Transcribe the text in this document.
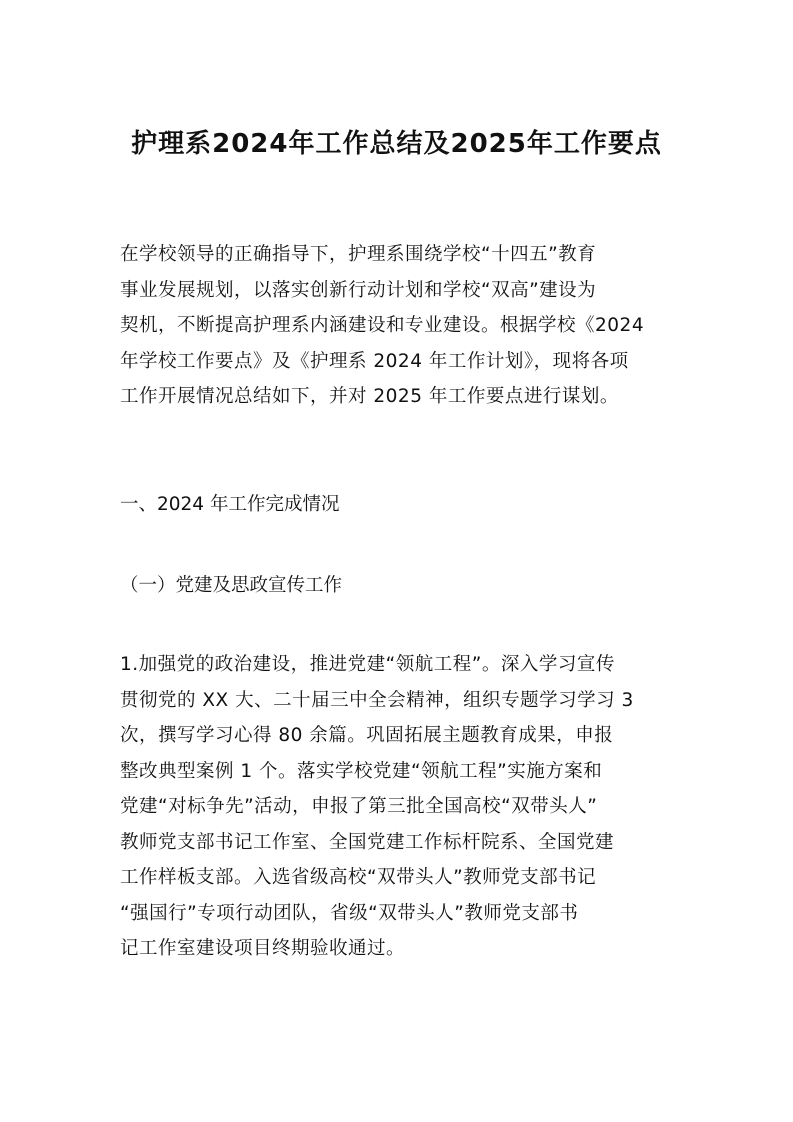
护理系2024年工作总结及2025年工作要点
在学校领导的正确指导下，护理系围绕学校“十四五”教育
事业发展规划，以落实创新行动计划和学校“双高”建设为
契机，不断提高护理系内涵建设和专业建设。根据学校《2024
年学校工作要点》及《护理系 2024 年工作计划》，现将各项
工作开展情况总结如下，并对 2025 年工作要点进行谋划。
一、2024 年工作完成情况
（一）党建及思政宣传工作
1.加强党的政治建设，推进党建“领航工程”。深入学习宣传
贯彻党的 XX 大、二十届三中全会精神，组织专题学习学习 3
次，撰写学习心得 80 余篇。巩固拓展主题教育成果，申报
整改典型案例 1 个。落实学校党建“领航工程”实施方案和
党建“对标争先”活动，申报了第三批全国高校“双带头人”
教师党支部书记工作室、全国党建工作标杆院系、全国党建
工作样板支部。入选省级高校“双带头人”教师党支部书记
“强国行”专项行动团队，省级“双带头人”教师党支部书
记工作室建设项目终期验收通过。
